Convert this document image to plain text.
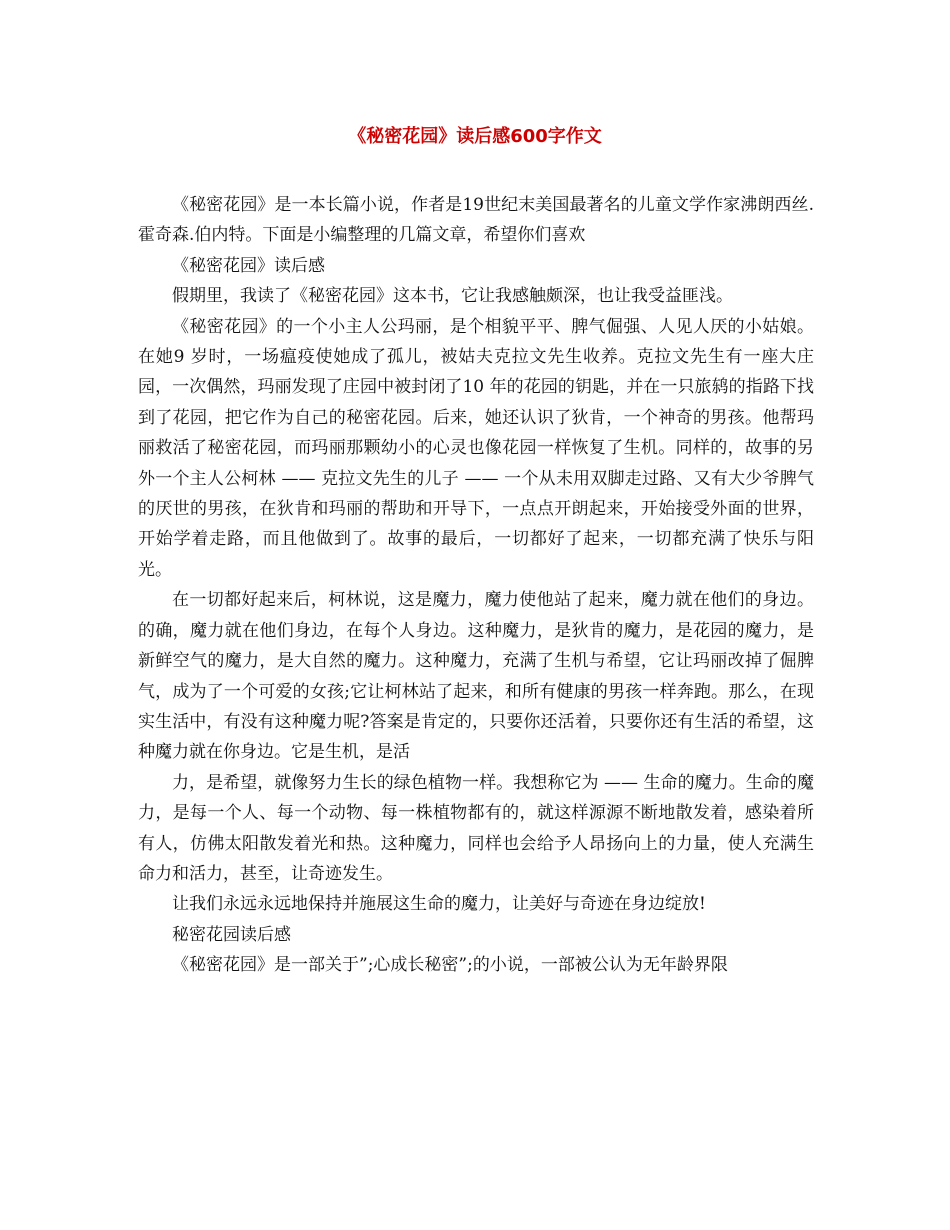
《秘密花园》读后感600字作文

《秘密花园》是一本长篇小说，作者是19世纪末美国最著名的儿童文学作家沸朗西丝.霍奇森.伯内特。下面是小编整理的几篇文章，希望你们喜欢

《秘密花园》读后感

假期里，我读了《秘密花园》这本书，它让我感触颇深，也让我受益匪浅。

《秘密花园》的一个小主人公玛丽，是个相貌平平、脾气倔强、人见人厌的小姑娘。在她9 岁时，一场瘟疫使她成了孤儿，被姑夫克拉文先生收养。克拉文先生有一座大庄园，一次偶然，玛丽发现了庄园中被封闭了10 年的花园的钥匙，并在一只旅鸫的指路下找到了花园，把它作为自己的秘密花园。后来，她还认识了狄肯，一个神奇的男孩。他帮玛丽救活了秘密花园，而玛丽那颗幼小的心灵也像花园一样恢复了生机。同样的，故事的另外一个主人公柯林 —— 克拉文先生的儿子 —— 一个从未用双脚走过路、又有大少爷脾气的厌世的男孩，在狄肯和玛丽的帮助和开导下，一点点开朗起来，开始接受外面的世界，开始学着走路，而且他做到了。故事的最后，一切都好了起来，一切都充满了快乐与阳光。

在一切都好起来后，柯林说，这是魔力，魔力使他站了起来，魔力就在他们的身边。的确，魔力就在他们身边，在每个人身边。这种魔力，是狄肯的魔力，是花园的魔力，是新鲜空气的魔力，是大自然的魔力。这种魔力，充满了生机与希望，它让玛丽改掉了倔脾气，成为了一个可爱的女孩;它让柯林站了起来，和所有健康的男孩一样奔跑。那么，在现实生活中，有没有这种魔力呢?答案是肯定的，只要你还活着，只要你还有生活的希望，这种魔力就在你身边。它是生机，是活

力，是希望，就像努力生长的绿色植物一样。我想称它为 —— 生命的魔力。生命的魔力，是每一个人、每一个动物、每一株植物都有的，就这样源源不断地散发着，感染着所有人，仿佛太阳散发着光和热。这种魔力，同样也会给予人昂扬向上的力量，使人充满生命力和活力，甚至，让奇迹发生。

让我们永远永远地保持并施展这生命的魔力，让美好与奇迹在身边绽放!

秘密花园读后感

《秘密花园》是一部关于”;心成长秘密”;的小说，一部被公认为无年龄界限
